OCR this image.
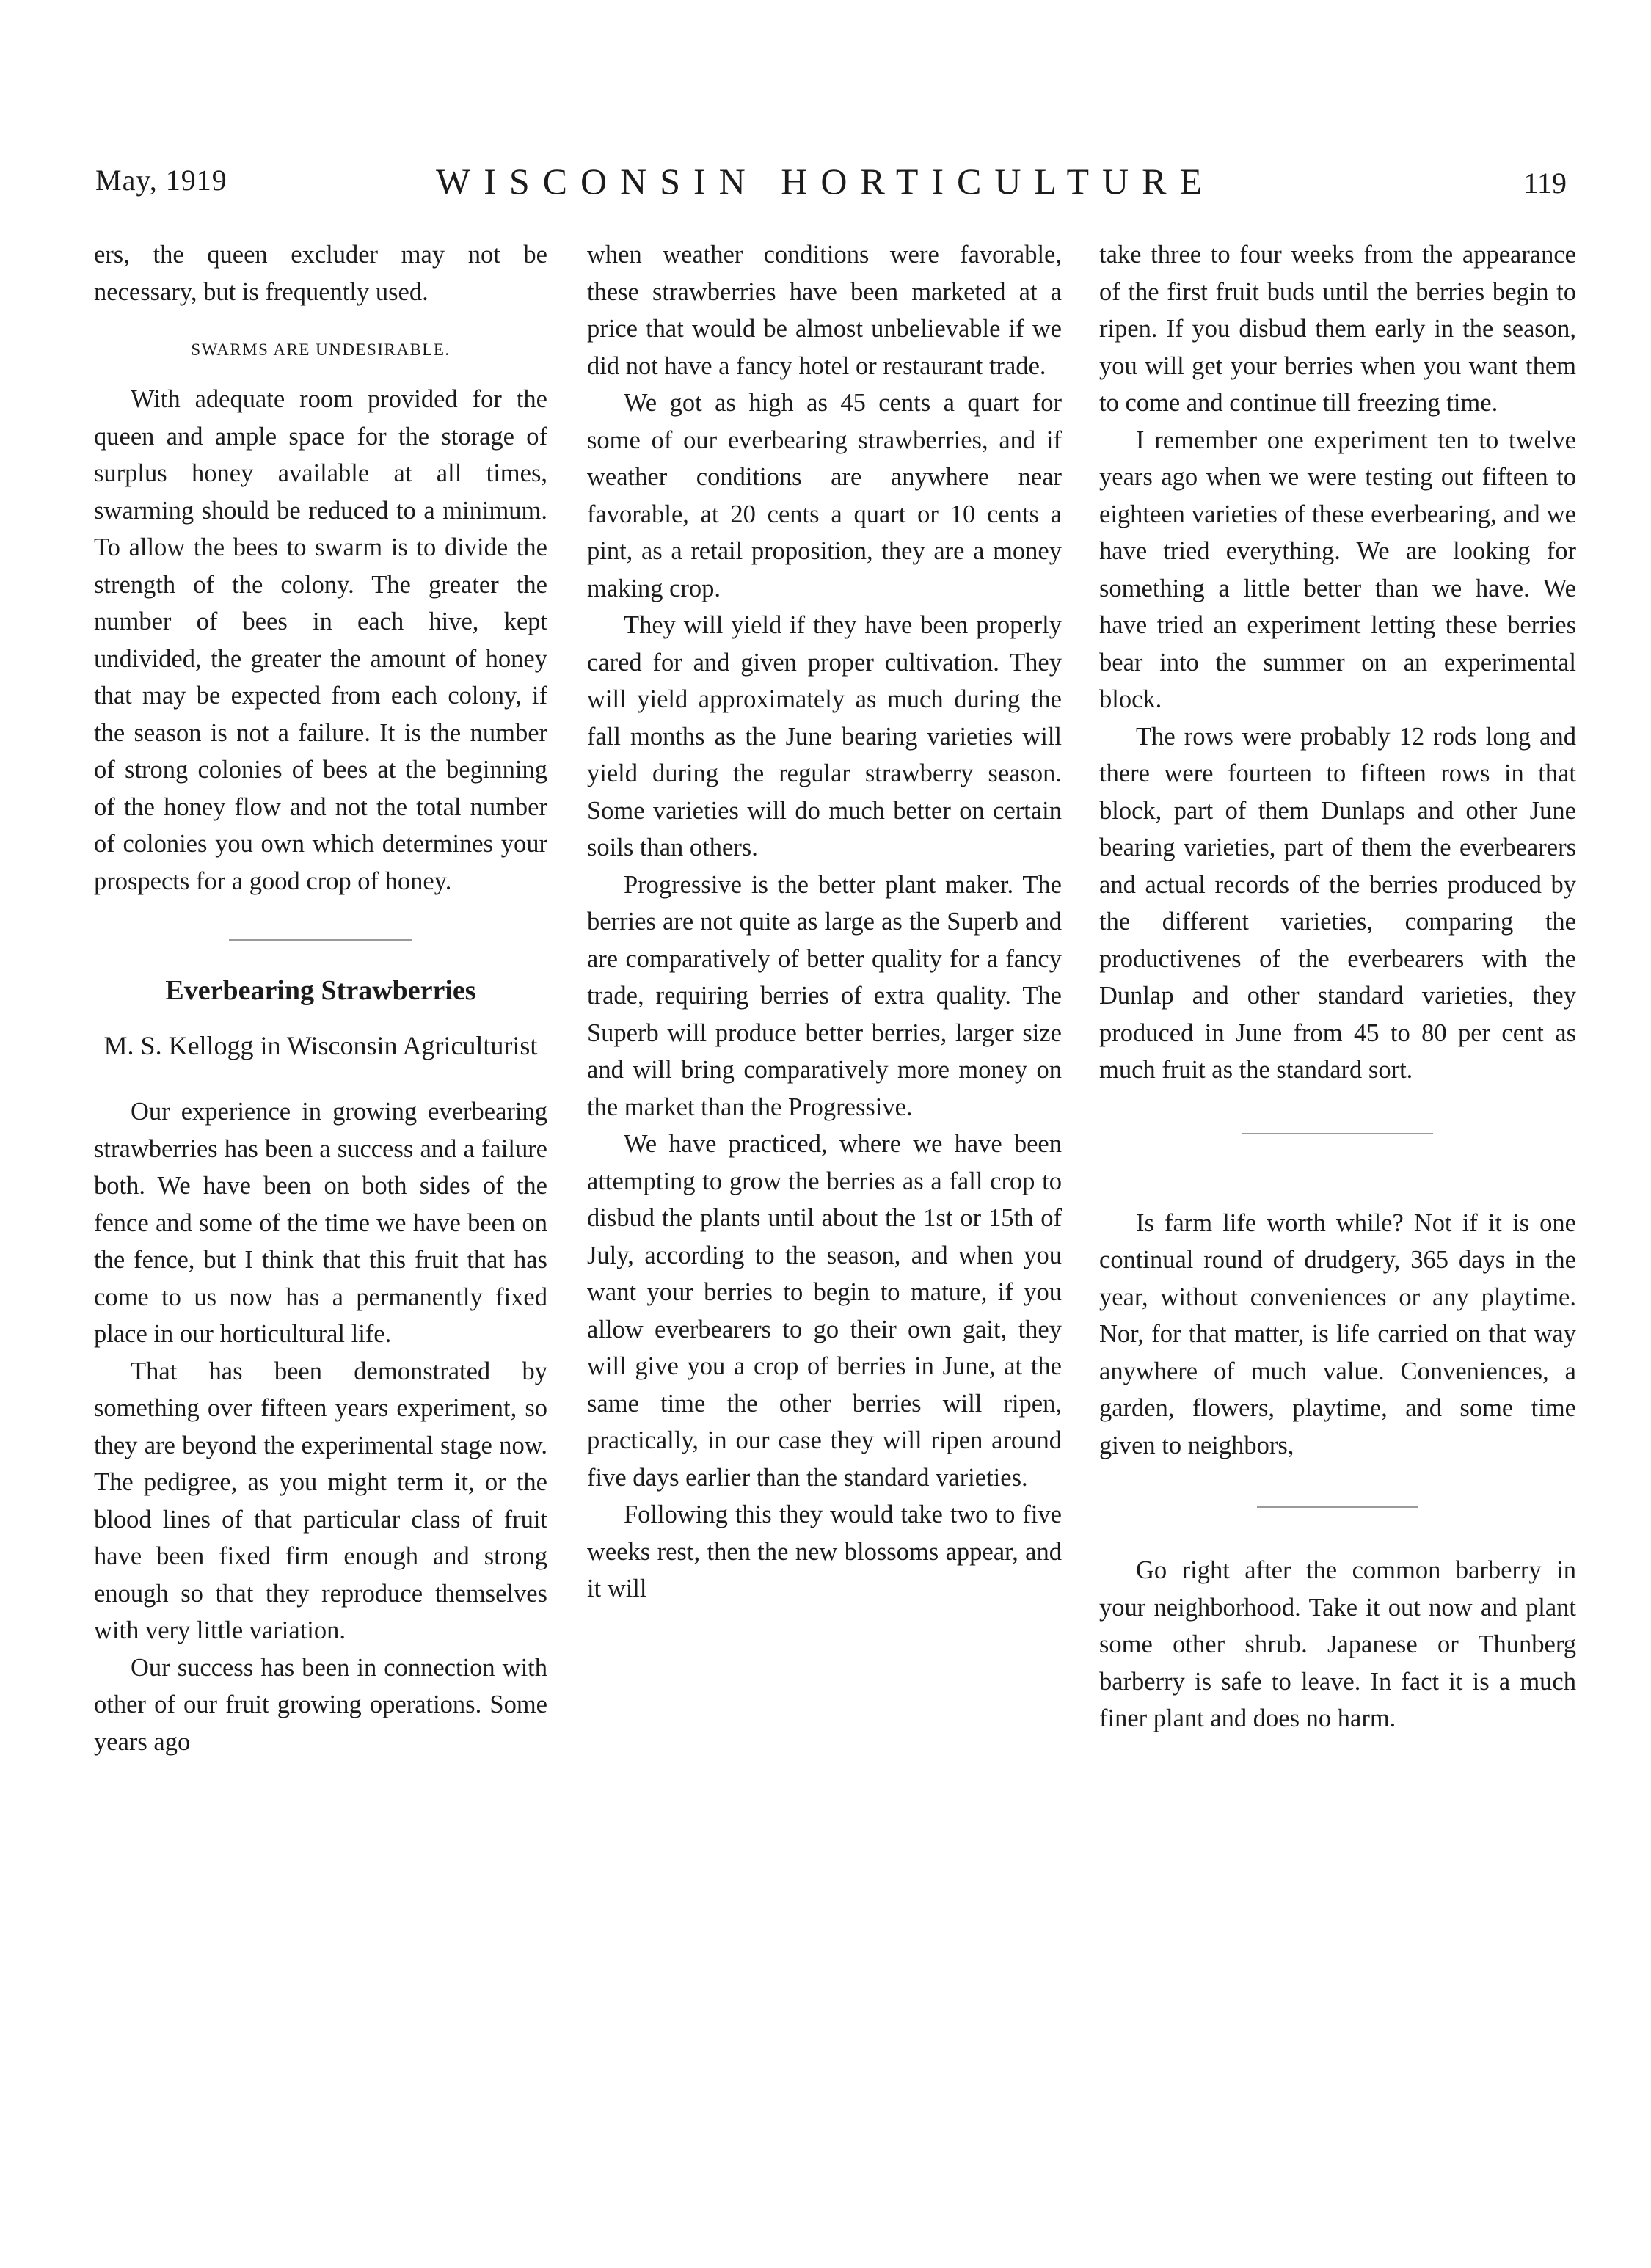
May, 1919	WISCONSIN HORTICULTURE	119

ers, the queen excluder may not be necessary, but is frequently used.

SWARMS ARE UNDESIRABLE.

With adequate room provided for the queen and ample space for the storage of surplus honey available at all times, swarming should be reduced to a minimum. To allow the bees to swarm is to divide the strength of the colony. The greater the number of bees in each hive, kept undivided, the greater the amount of honey that may be expected from each colony, if the season is not a failure. It is the number of strong colonies of bees at the beginning of the honey flow and not the total number of colonies you own which determines your prospects for a good crop of honey.

Everbearing Strawberries
M. S. Kellogg in Wisconsin Agriculturist

Our experience in growing everbearing strawberries has been a success and a failure both. We have been on both sides of the fence and some of the time we have been on the fence, but I think that this fruit that has come to us now has a permanently fixed place in our horticultural life.

That has been demonstrated by something over fifteen years experiment, so they are beyond the experimental stage now. The pedigree, as you might term it, or the blood lines of that particular class of fruit have been fixed firm enough and strong enough so that they reproduce themselves with very little variation.

Our success has been in connection with other of our fruit growing operations. Some years ago

when weather conditions were favorable, these strawberries have been marketed at a price that would be almost unbelievable if we did not have a fancy hotel or restaurant trade.

We got as high as 45 cents a quart for some of our everbearing strawberries, and if weather conditions are anywhere near favorable, at 20 cents a quart or 10 cents a pint, as a retail proposition, they are a money making crop.

They will yield if they have been properly cared for and given proper cultivation. They will yield approximately as much during the fall months as the June bearing varieties will yield during the regular strawberry season. Some varieties will do much better on certain soils than others.

Progressive is the better plant maker. The berries are not quite as large as the Superb and are comparatively of better quality for a fancy trade, requiring berries of extra quality. The Superb will produce better berries, larger size and will bring comparatively more money on the market than the Progressive.

We have practiced, where we have been attempting to grow the berries as a fall crop to disbud the plants until about the 1st or 15th of July, according to the season, and when you want your berries to begin to mature, if you allow everbearers to go their own gait, they will give you a crop of berries in June, at the same time the other berries will ripen, practically, in our case they will ripen around five days earlier than the standard varieties.

Following this they would take two to five weeks rest, then the new blossoms appear, and it will

take three to four weeks from the appearance of the first fruit buds until the berries begin to ripen. If you disbud them early in the season, you will get your berries when you want them to come and continue till freezing time.

I remember one experiment ten to twelve years ago when we were testing out fifteen to eighteen varieties of these everbearing, and we have tried everything. We are looking for something a little better than we have. We have tried an experiment letting these berries bear into the summer on an experimental block.

The rows were probably 12 rods long and there were fourteen to fifteen rows in that block, part of them Dunlaps and other June bearing varieties, part of them the everbearers and actual records of the berries produced by the different varieties, comparing the productivenes of the everbearers with the Dunlap and other standard varieties, they produced in June from 45 to 80 per cent as much fruit as the standard sort.

Is farm life worth while? Not if it is one continual round of drudgery, 365 days in the year, without conveniences or any playtime. Nor, for that matter, is life carried on that way anywhere of much value. Conveniences, a garden, flowers, playtime, and some time given to neighbors,

Go right after the common barberry in your neighborhood. Take it out now and plant some other shrub. Japanese or Thunberg barberry is safe to leave. In fact it is a much finer plant and does no harm.
